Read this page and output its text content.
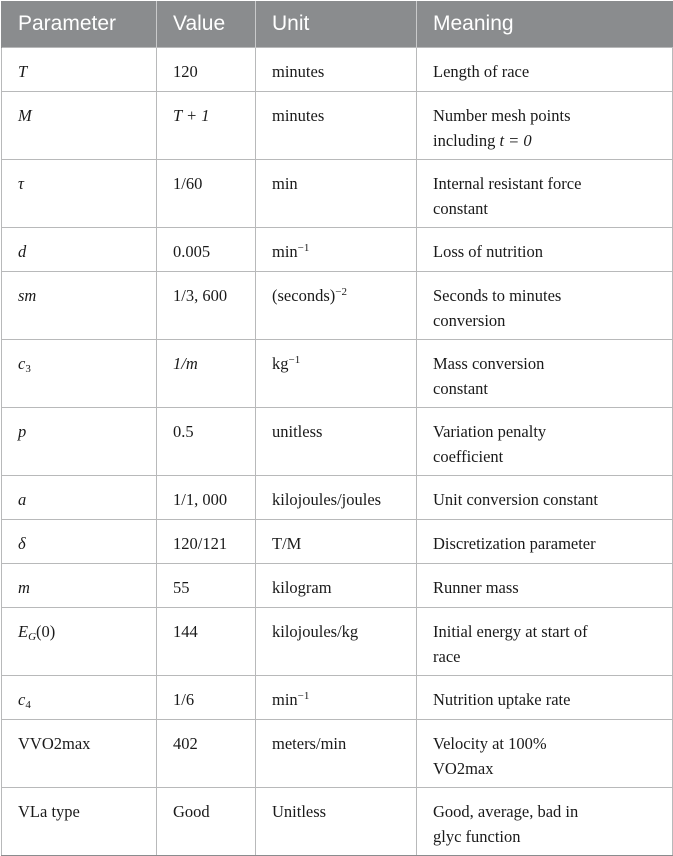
Parameter	Value	Unit	Meaning
T	120	minutes	Length of race
M	T + 1	minutes	Number mesh points
including t = 0
τ	1/60	min	Internal resistant force
constant
d	0.005	$\min^{-1}$	Loss of nutrition
sm	1/3, 600	(seconds)$^{-2}$	Seconds to minutes
conversion
$c_3$	1/m	$kg^{-1}$	Mass conversion
constant
p	0.5	unitless	Variation penalty
coefficient
a	1/1, 000	kilojoules/joules	Unit conversion constant
δ	120/121	T/M	Discretization parameter
m	55	kilogram	Runner mass
$E_G(0)$	144	kilojoules/kg	Initial energy at start of
race
$c_4$	1/6	$\min^{-1}$	Nutrition uptake rate
VVO2max	402	meters/min	Velocity at 100%
VO2max
VLa type	Good	Unitless	Good, average, bad in
glyc function
